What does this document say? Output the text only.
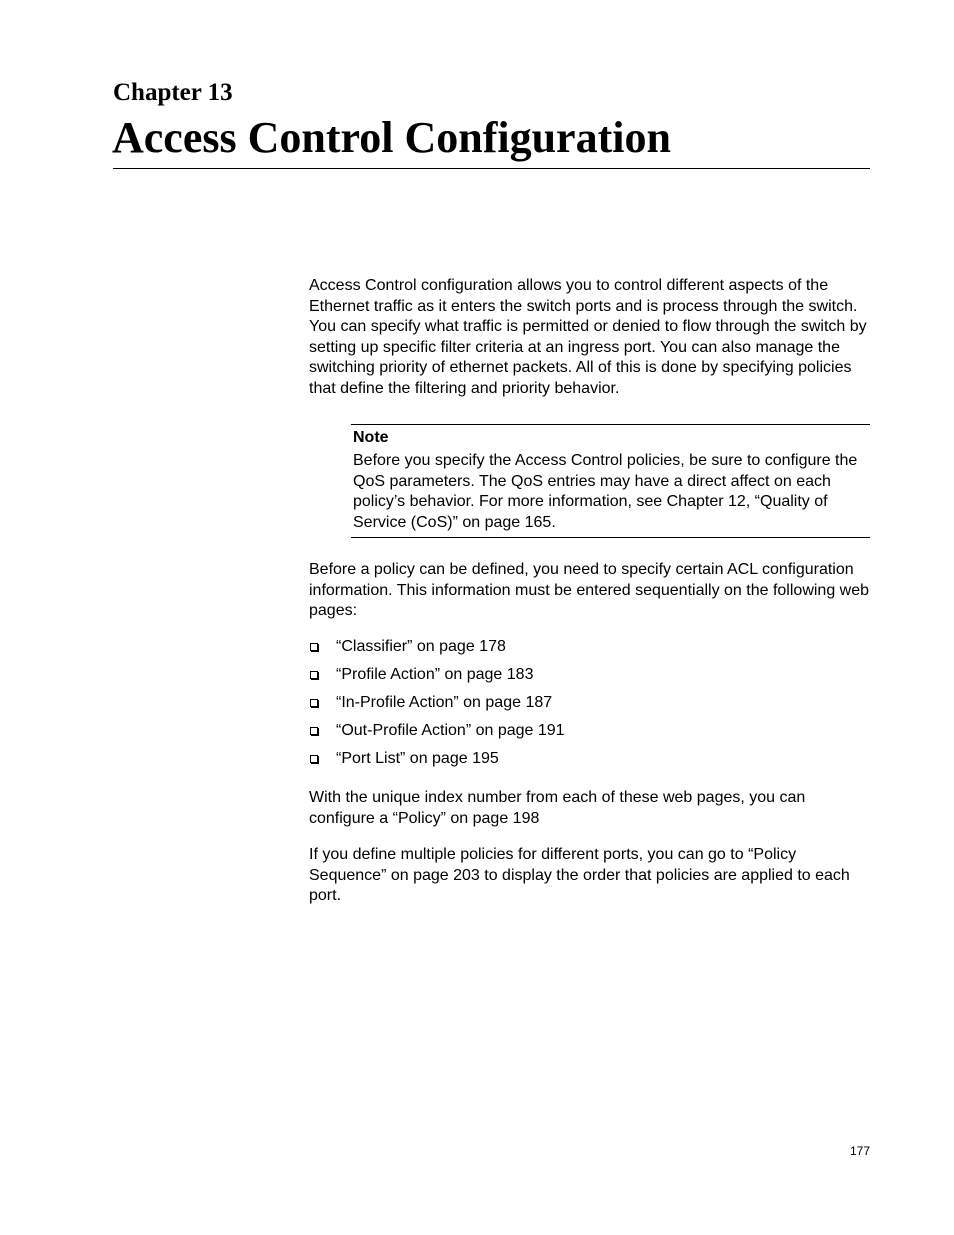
Chapter 13
Access Control Configuration

Access Control configuration allows you to control different aspects of the Ethernet traffic as it enters the switch ports and is process through the switch. You can specify what traffic is permitted or denied to flow through the switch by setting up specific filter criteria at an ingress port. You can also manage the switching priority of ethernet packets. All of this is done by specifying policies that define the filtering and priority behavior.

Note

Before you specify the Access Control policies, be sure to configure the QoS parameters. The QoS entries may have a direct affect on each policy’s behavior. For more information, see Chapter 12, “Quality of Service (CoS)” on page 165.

Before a policy can be defined, you need to specify certain ACL configuration information. This information must be entered sequentially on the following web pages:

“Classifier” on page 178
“Profile Action” on page 183
“In-Profile Action” on page 187
“Out-Profile Action” on page 191
“Port List” on page 195

With the unique index number from each of these web pages, you can configure a “Policy” on page 198

If you define multiple policies for different ports, you can go to “Policy Sequence” on page 203 to display the order that policies are applied to each port.

177
